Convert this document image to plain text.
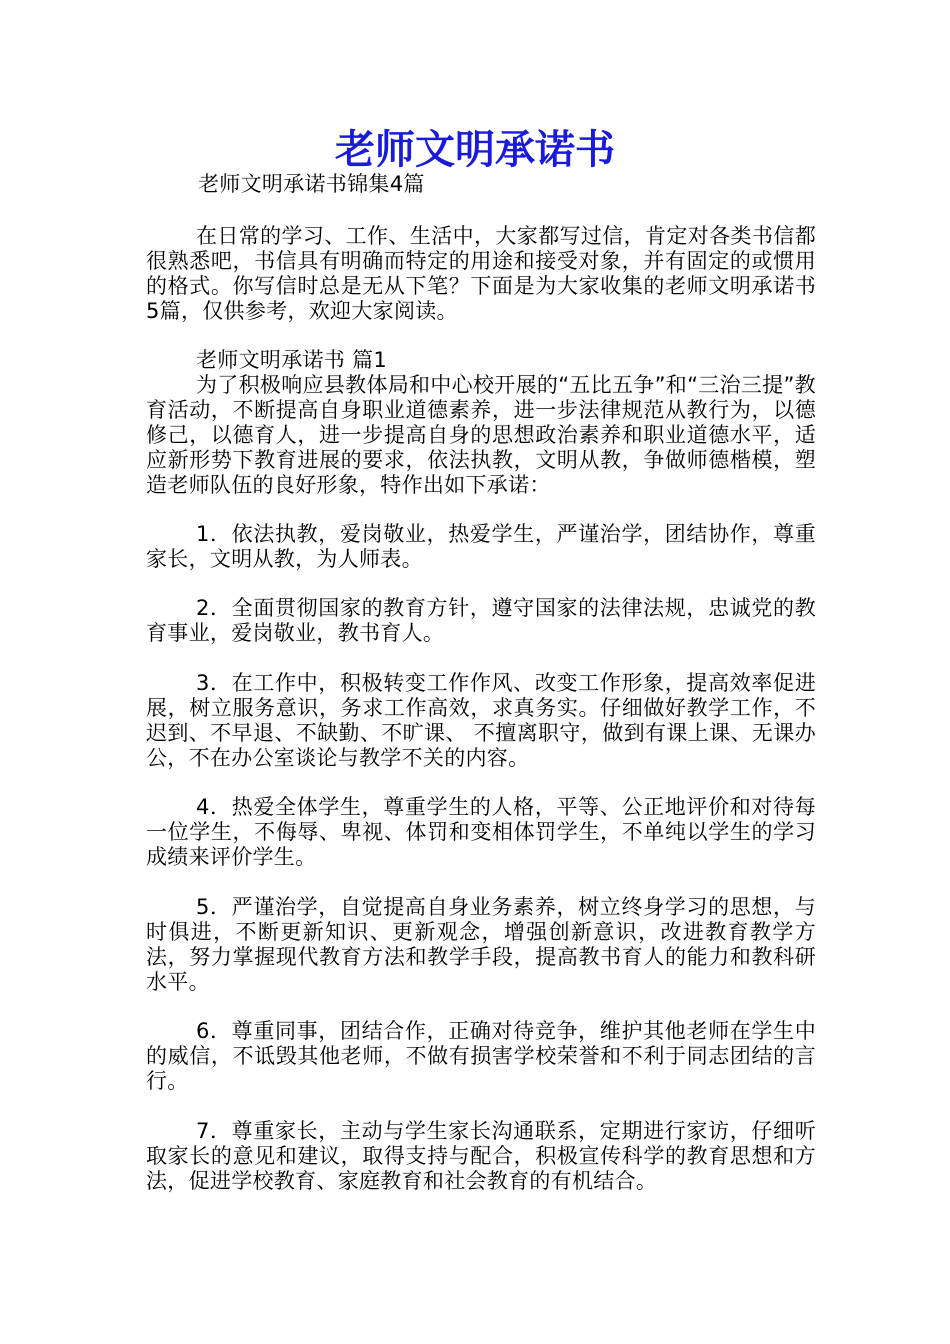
老师文明承诺书

老师文明承诺书锦集4篇

在日常的学习、工作、生活中，大家都写过信，肯定对各类书信都很熟悉吧，书信具有明确而特定的用途和接受对象，并有固定的或惯用的格式。你写信时总是无从下笔？下面是为大家收集的老师文明承诺书5篇，仅供参考，欢迎大家阅读。

老师文明承诺书 篇1

为了积极响应县教体局和中心校开展的“五比五争”和“三治三提”教育活动，不断提高自身职业道德素养，进一步法律规范从教行为，以德修己，以德育人，进一步提高自身的思想政治素养和职业道德水平，适应新形势下教育进展的要求，依法执教，文明从教，争做师德楷模，塑造老师队伍的良好形象，特作出如下承诺：

1．依法执教，爱岗敬业，热爱学生，严谨治学，团结协作，尊重家长，文明从教，为人师表。

2．全面贯彻国家的教育方针，遵守国家的法律法规，忠诚党的教育事业，爱岗敬业，教书育人。

3．在工作中，积极转变工作作风、改变工作形象，提高效率促进展，树立服务意识，务求工作高效，求真务实。仔细做好教学工作，不迟到、不早退、不缺勤、不旷课、 不擅离职守，做到有课上课、无课办公，不在办公室谈论与教学不关的内容。

4．热爱全体学生，尊重学生的人格，平等、公正地评价和对待每一位学生，不侮辱、卑视、体罚和变相体罚学生，不单纯以学生的学习成绩来评价学生。

5．严谨治学，自觉提高自身业务素养，树立终身学习的思想，与时俱进，不断更新知识、更新观念，增强创新意识，改进教育教学方法，努力掌握现代教育方法和教学手段，提高教书育人的能力和教科研水平。

6．尊重同事，团结合作，正确对待竞争，维护其他老师在学生中的威信，不诋毁其他老师，不做有损害学校荣誉和不利于同志团结的言行。

7．尊重家长，主动与学生家长沟通联系，定期进行家访，仔细听取家长的意见和建议，取得支持与配合，积极宣传科学的教育思想和方法，促进学校教育、家庭教育和社会教育的有机结合。
